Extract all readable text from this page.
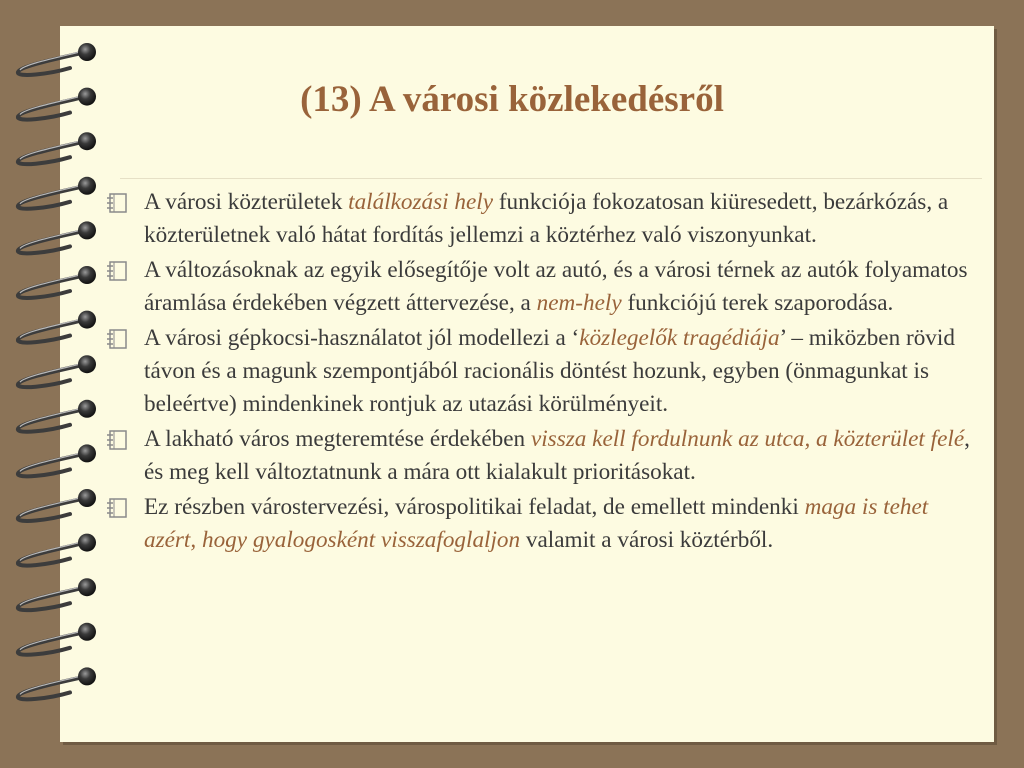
(13) A városi közlekedésről
A városi közterületek találkozási hely funkciója fokozatosan kiüresedett, bezárkózás, a közterületnek való hátat fordítás jellemzi a köztérhez való viszonyunkat.
A változásoknak az egyik elősegítője volt az autó, és a városi térnek az autók folyamatos áramlása érdekében végzett áttervezése, a nem-hely funkciójú terek szaporodása.
A városi gépkocsi-használatot jól modellezi a ‘közlegelők tragédiája’ – miközben rövid távon és a magunk szempontjából racionális döntést hozunk, egyben (önmagunkat is beleértve) mindenkinek rontjuk az utazási körülményeit.
A lakható város megteremtése érdekében vissza kell fordulnunk az utca, a közterület felé, és meg kell változtatnunk a mára ott kialakult prioritásokat.
Ez részben várostervezési, várospolitikai feladat, de emellett mindenki maga is tehet azért, hogy gyalogosként visszafoglaljon valamit a városi köztérből.
